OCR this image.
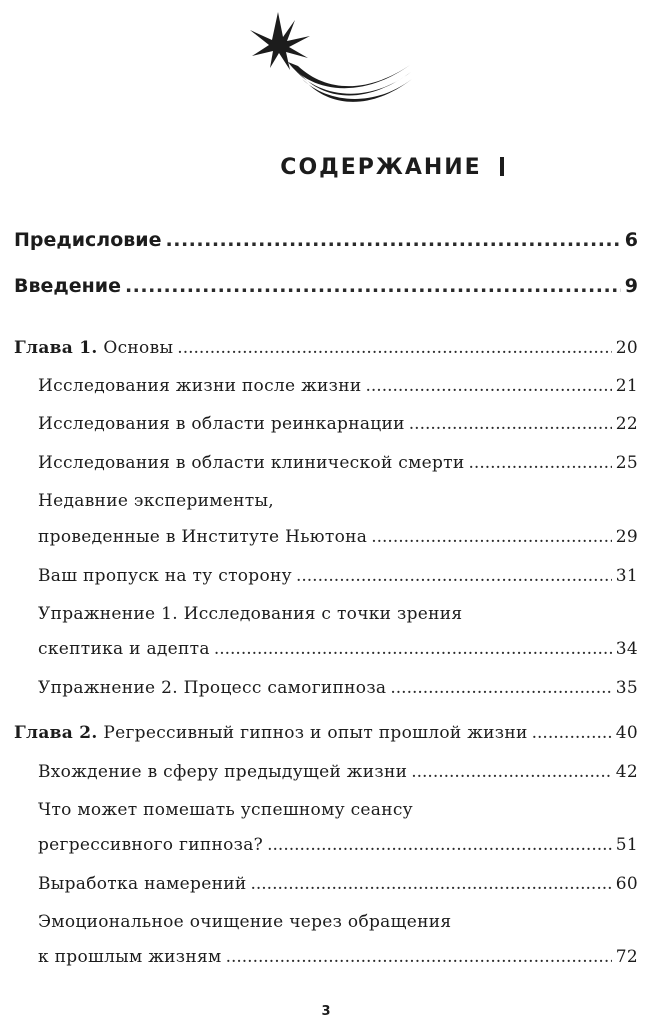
СОДЕРЖАНИЕ
Предисловие .....	6
Введение .....	9
Глава 1. Основы .....	20
Исследования жизни после жизни .....	21
Исследования в области реинкарнации .....	22
Исследования в области клинической смерти .....	25
Недавние эксперименты,
проведенные в Институте Ньютона .....	29
Ваш пропуск на ту сторону .....	31
Упражнение 1. Исследования с точки зрения
скептика и адепта .....	34
Упражнение 2. Процесс самогипноза .....	35
Глава 2. Регрессивный гипноз и опыт прошлой жизни .....	40
Вхождение в сферу предыдущей жизни .....	42
Что может помешать успешному сеансу
регрессивного гипноза? .....	51
Выработка намерений .....	60
Эмоциональное очищение через обращения
к прошлым жизням .....	72
3
